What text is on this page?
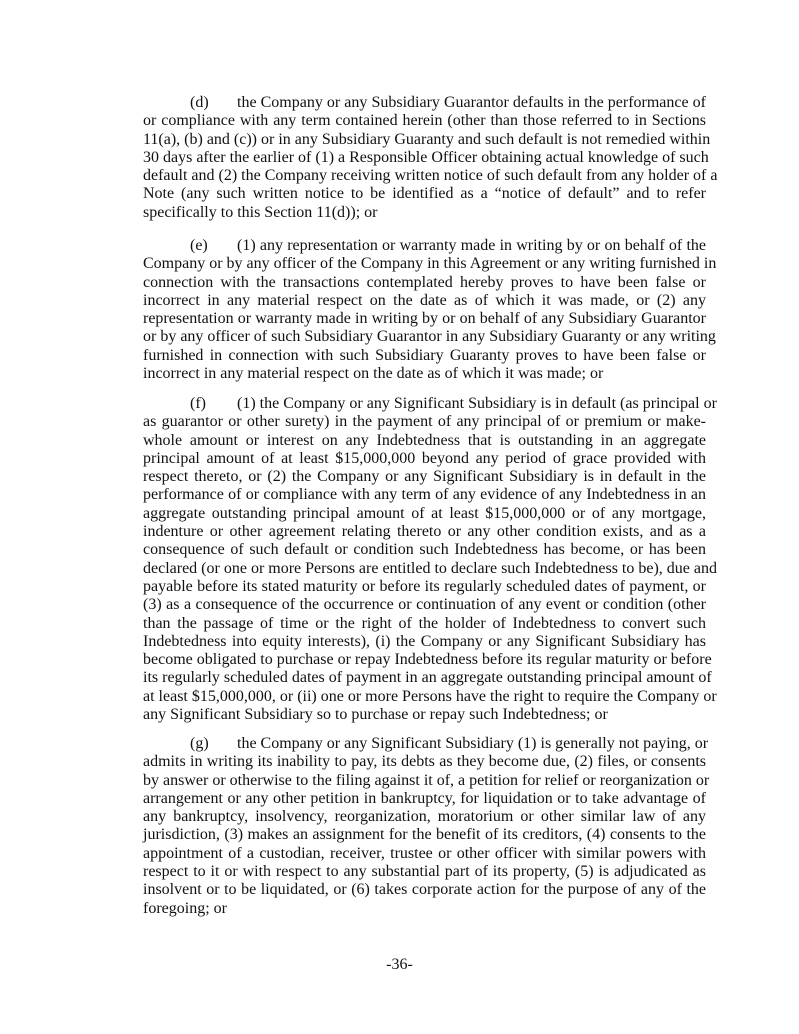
(d)	the Company or any Subsidiary Guarantor defaults in the performance of
or compliance with any term contained herein (other than those referred to in Sections
11(a), (b) and (c)) or in any Subsidiary Guaranty and such default is not remedied within
30 days after the earlier of (1) a Responsible Officer obtaining actual knowledge of such
default and (2) the Company receiving written notice of such default from any holder of a
Note (any such written notice to be identified as a “notice of default” and to refer
specifically to this Section 11(d)); or
(e)	(1) any representation or warranty made in writing by or on behalf of the
Company or by any officer of the Company in this Agreement or any writing furnished in
connection with the transactions contemplated hereby proves to have been false or
incorrect in any material respect on the date as of which it was made, or (2) any
representation or warranty made in writing by or on behalf of any Subsidiary Guarantor
or by any officer of such Subsidiary Guarantor in any Subsidiary Guaranty or any writing
furnished in connection with such Subsidiary Guaranty proves to have been false or
incorrect in any material respect on the date as of which it was made; or
(f)	(1) the Company or any Significant Subsidiary is in default (as principal or
as guarantor or other surety) in the payment of any principal of or premium or make-
whole amount or interest on any Indebtedness that is outstanding in an aggregate
principal amount of at least $15,000,000 beyond any period of grace provided with
respect thereto, or (2) the Company or any Significant Subsidiary is in default in the
performance of or compliance with any term of any evidence of any Indebtedness in an
aggregate outstanding principal amount of at least $15,000,000 or of any mortgage,
indenture or other agreement relating thereto or any other condition exists, and as a
consequence of such default or condition such Indebtedness has become, or has been
declared (or one or more Persons are entitled to declare such Indebtedness to be), due and
payable before its stated maturity or before its regularly scheduled dates of payment, or
(3) as a consequence of the occurrence or continuation of any event or condition (other
than the passage of time or the right of the holder of Indebtedness to convert such
Indebtedness into equity interests), (i) the Company or any Significant Subsidiary has
become obligated to purchase or repay Indebtedness before its regular maturity or before
its regularly scheduled dates of payment in an aggregate outstanding principal amount of
at least $15,000,000, or (ii) one or more Persons have the right to require the Company or
any Significant Subsidiary so to purchase or repay such Indebtedness; or
(g)	the Company or any Significant Subsidiary (1) is generally not paying, or
admits in writing its inability to pay, its debts as they become due, (2) files, or consents
by answer or otherwise to the filing against it of, a petition for relief or reorganization or
arrangement or any other petition in bankruptcy, for liquidation or to take advantage of
any bankruptcy, insolvency, reorganization, moratorium or other similar law of any
jurisdiction, (3) makes an assignment for the benefit of its creditors, (4) consents to the
appointment of a custodian, receiver, trustee or other officer with similar powers with
respect to it or with respect to any substantial part of its property, (5) is adjudicated as
insolvent or to be liquidated, or (6) takes corporate action for the purpose of any of the
foregoing; or
-36-
